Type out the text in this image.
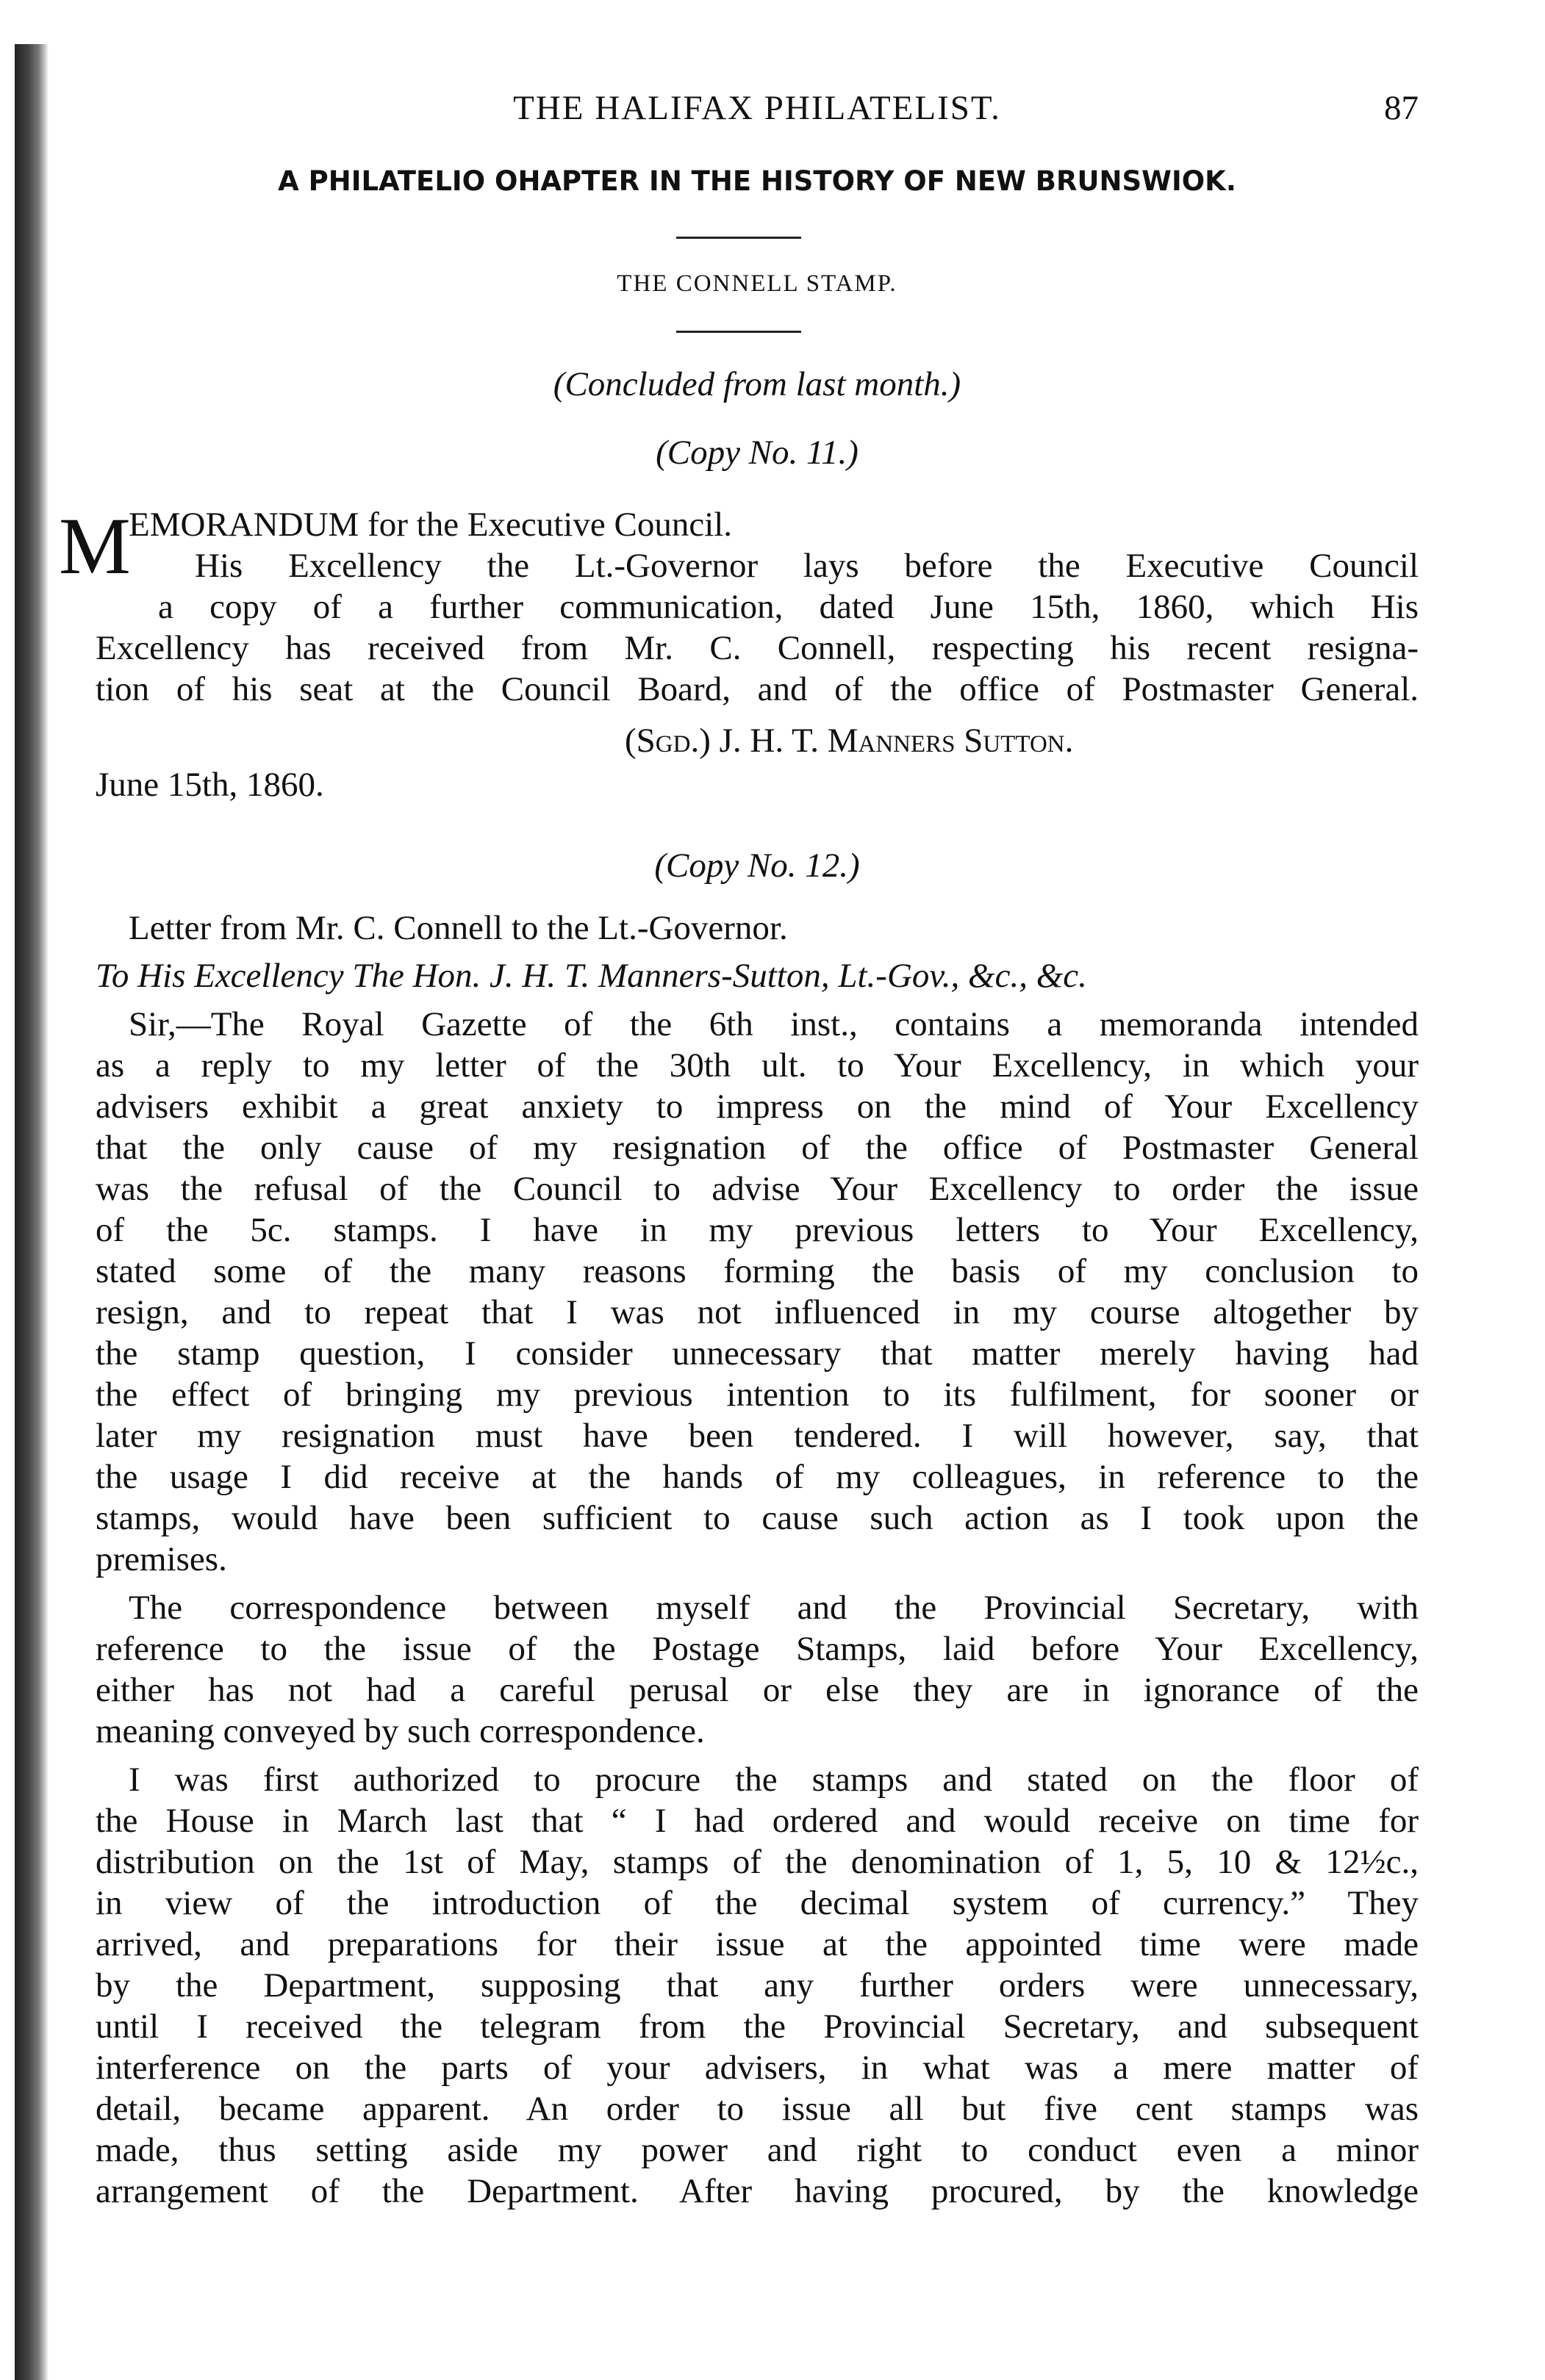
THE HALIFAX PHILATELIST.	87
A PHILATELIO OHAPTER IN THE HISTORY OF NEW BRUNSWIOK.
THE CONNELL STAMP.
(Concluded from last month.)
(Copy No. 11.)
M
EMORANDUM for the Executive Council.
His Excellency the Lt.-Governor lays before the Executive Council
a copy of a further communication, dated June 15th, 1860, which His
Excellency has received from Mr. C. Connell, respecting his recent resigna-
tion of his seat at the Council Board, and of the office of Postmaster General.
(Sgd.) J. H. T. Manners Sutton.
June 15th, 1860.
(Copy No. 12.)
Letter from Mr. C. Connell to the Lt.-Governor.
To His Excellency The Hon. J. H. T. Manners-Sutton, Lt.-Gov., &c., &c.
Sir,—The Royal Gazette of the 6th inst., contains a memoranda intended
as a reply to my letter of the 30th ult. to Your Excellency, in which your
advisers exhibit a great anxiety to impress on the mind of Your Excellency
that the only cause of my resignation of the office of Postmaster General
was the refusal of the Council to advise Your Excellency to order the issue
of the 5c. stamps. I have in my previous letters to Your Excellency,
stated some of the many reasons forming the basis of my conclusion to
resign, and to repeat that I was not influenced in my course altogether by
the stamp question, I consider unnecessary that matter merely having had
the effect of bringing my previous intention to its fulfilment, for sooner or
later my resignation must have been tendered. I will however, say, that
the usage I did receive at the hands of my colleagues, in reference to the
stamps, would have been sufficient to cause such action as I took upon the
premises.
The correspondence between myself and the Provincial Secretary, with
reference to the issue of the Postage Stamps, laid before Your Excellency,
either has not had a careful perusal or else they are in ignorance of the
meaning conveyed by such correspondence.
I was first authorized to procure the stamps and stated on the floor of
the House in March last that “ I had ordered and would receive on time for
distribution on the 1st of May, stamps of the denomination of 1, 5, 10 & 12½c.,
in view of the introduction of the decimal system of currency.” They
arrived, and preparations for their issue at the appointed time were made
by the Department, supposing that any further orders were unnecessary,
until I received the telegram from the Provincial Secretary, and subsequent
interference on the parts of your advisers, in what was a mere matter of
detail, became apparent. An order to issue all but five cent stamps was
made, thus setting aside my power and right to conduct even a minor
arrangement of the Department. After having procured, by the knowledge
